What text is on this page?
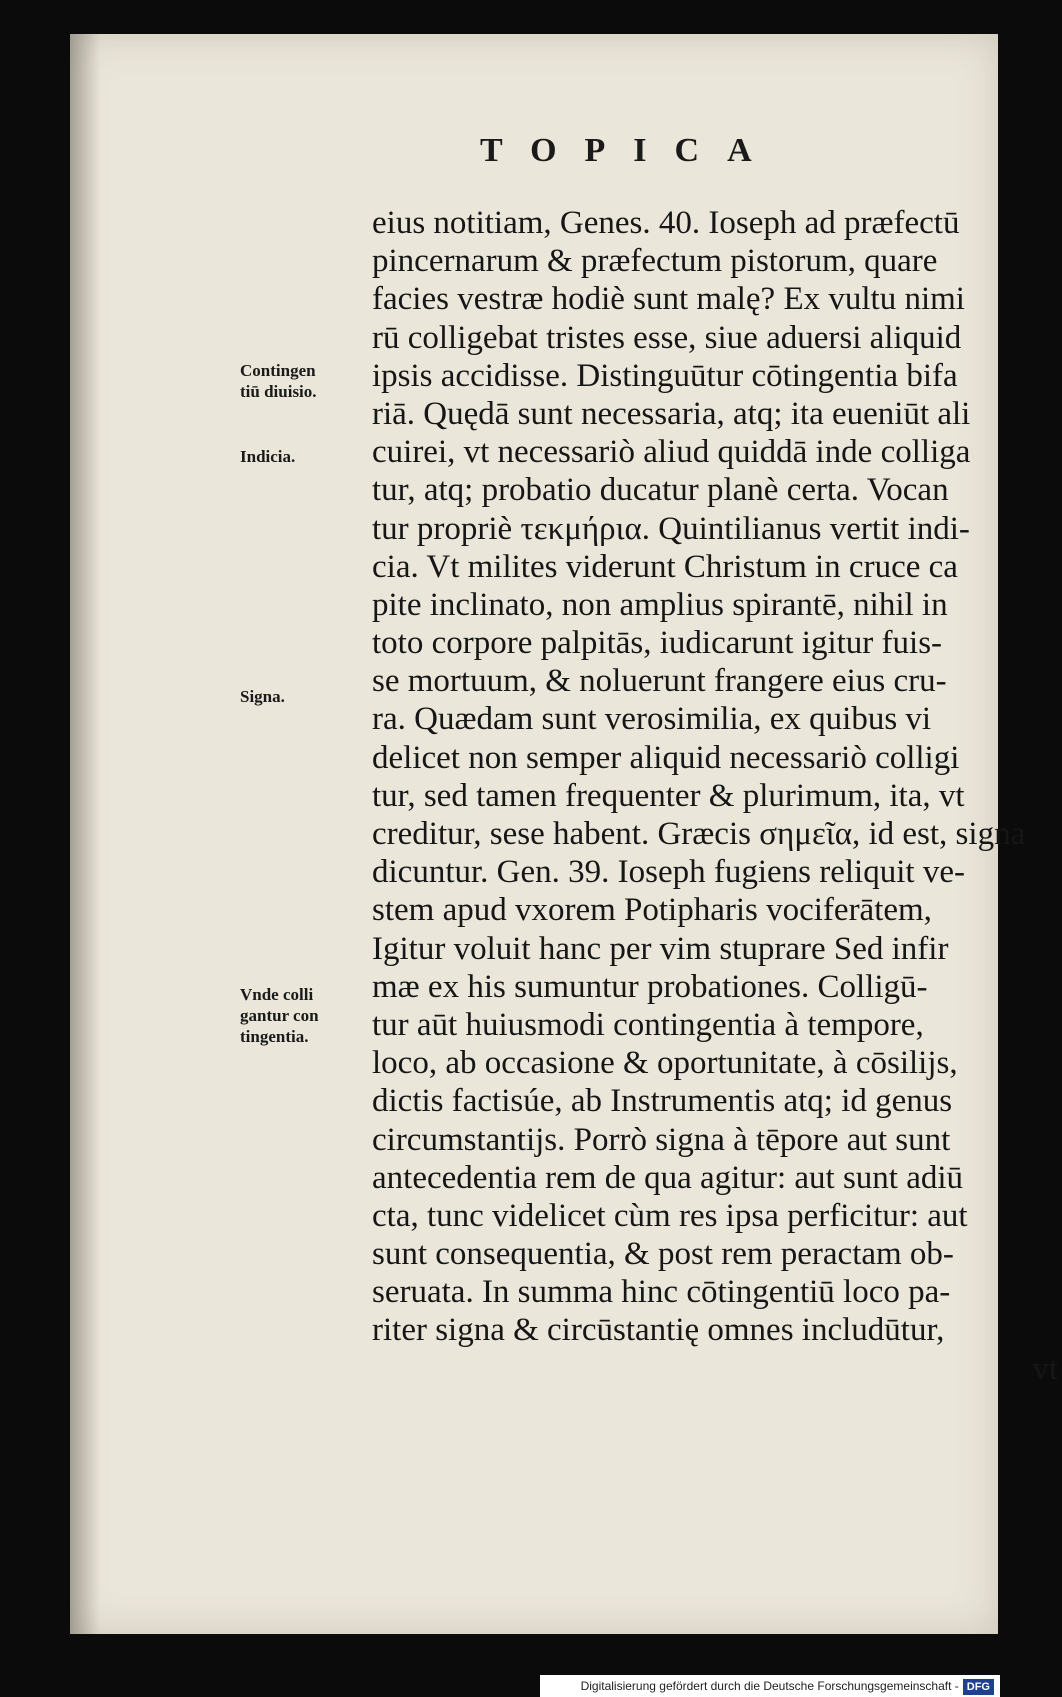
TOPICA
Contingen
tiū diuisio.
Indicia.
Signa.
Vnde colli
gantur con
tingentia.
eius notitiam, Genes. 40. Ioseph ad præfectū
pincernarum & præfectum pistorum, quare
facies vestræ hodiè sunt malę? Ex vultu nimi
rū colligebat tristes esse, siue aduersi aliquid
ipsis accidisse. Distinguūtur cōtingentia bifa
riā. Quędā sunt necessaria, atq; ita eueniūt ali
cuirei, vt necessariò aliud quiddā inde colliga
tur, atq; probatio ducatur planè certa. Vocan
tur propriè τεκμήρια. Quintilianus vertit indi-
cia. Vt milites viderunt Christum in cruce ca
pite inclinato, non amplius spirantē, nihil in
toto corpore palpitās, iudicarunt igitur fuis-
se mortuum, & noluerunt frangere eius cru-
ra. Quædam sunt verosimilia, ex quibus vi
delicet non semper aliquid necessariò colligi
tur, sed tamen frequenter & plurimum, ita, vt
creditur, sese habent. Græcis σημεῖα, id est, signa
dicuntur. Gen. 39. Ioseph fugiens reliquit ve-
stem apud vxorem Potipharis vociferātem,
Igitur voluit hanc per vim stuprare Sed infir
mæ ex his sumuntur probationes. Colligū-
tur aūt huiusmodi contingentia à tempore,
loco, ab occasione & oportunitate, à cōsilijs,
dictis factisúe, ab Instrumentis atq; id genus
circumstantijs. Porrò signa à tēpore aut sunt
antecedentia rem de qua agitur: aut sunt adiū
cta, tunc videlicet cùm res ipsa perficitur: aut
sunt consequentia, & post rem peractam ob-
seruata. In summa hinc cōtingentiū loco pa-
riter signa & circūstantię omnes includūtur,
vt
Digitalisierung gefördert durch die Deutsche Forschungsgemeinschaft - DFG
